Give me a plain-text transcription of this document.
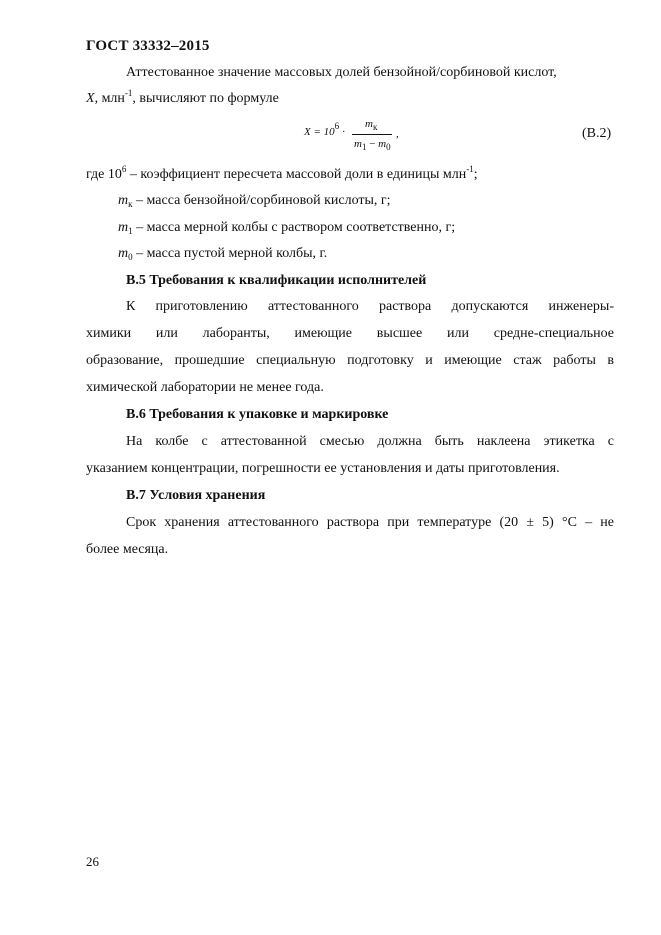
ГОСТ 33332–2015
Аттестованное значение массовых долей бензойной/сорбиновой кислот,
X, млн$^{-1}$, вычисляют по формуле
$X = 10^6$ ·
$m_к$
$m_1 - m_0$
,	(В.2)
где $10^6$ – коэффициент пересчета массовой доли в единицы млн$^{-1}$;
$m_к$ – масса бензойной/сорбиновой кислоты, г;
$m_1$ – масса мерной колбы с раствором соответственно, г;
$m_0$ – масса пустой мерной колбы, г.
В.5 Требования к квалификации исполнителей
К приготовлению аттестованного раствора допускаются инженеры-
химики или лаборанты, имеющие высшее или средне-специальное
образование, прошедшие специальную подготовку и имеющие стаж работы в
химической лаборатории не менее года.
В.6 Требования к упаковке и маркировке
На колбе с аттестованной смесью должна быть наклеена этикетка с
указанием концентрации, погрешности ее установления и даты приготовления.
В.7 Условия хранения
Срок хранения аттестованного раствора при температуре (20 ± 5) °С – не
более месяца.
26
